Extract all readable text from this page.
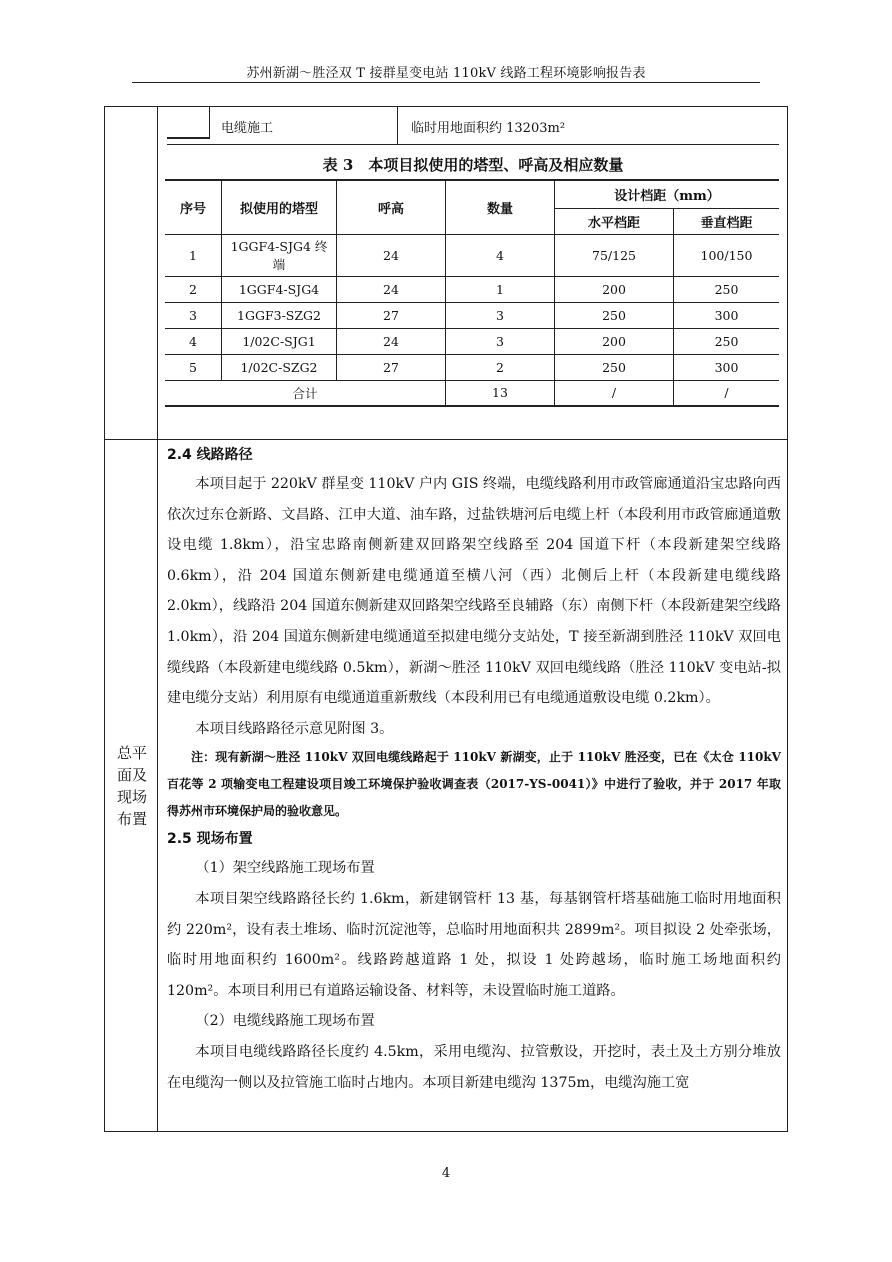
苏州新湖～胜泾双 T 接群星变电站 110kV 线路工程环境影响报告表
总平
面及
现场
布置
电缆施工	临时用地面积约 13203m²
表 3　本项目拟使用的塔型、呼高及相应数量
序号	拟使用的塔型	呼高	数量	设计档距（mm）	
				水平档距	垂直档距
1	1GGF4-SJG4 终端	24	4	75/125	100/150
2	1GGF4-SJG4	24	1	200	250
3	1GGF3-SZG2	27	3	250	300
4	1/02C-SJG1	24	3	200	250
5	1/02C-SZG2	27	2	250	300
合计			13	/	/

2.4 线路路径

本项目起于 220kV 群星变 110kV 户内 GIS 终端，电缆线路利用市政管廊通道沿宝忠路向西依次过东仓新路、文昌路、江申大道、油车路，过盐铁塘河后电缆上杆（本段利用市政管廊通道敷设电缆 1.8km），沿宝忠路南侧新建双回路架空线路至 204 国道下杆（本段新建架空线路 0.6km），沿 204 国道东侧新建电缆通道至横八河（西）北侧后上杆（本段新建电缆线路 2.0km），线路沿 204 国道东侧新建双回路架空线路至良辅路（东）南侧下杆（本段新建架空线路 1.0km），沿 204 国道东侧新建电缆通道至拟建电缆分支站处，T 接至新湖到胜泾 110kV 双回电缆线路（本段新建电缆线路 0.5km），新湖～胜泾 110kV 双回电缆线路（胜泾 110kV 变电站-拟建电缆分支站）利用原有电缆通道重新敷线（本段利用已有电缆通道敷设电缆 0.2km）。

本项目线路路径示意见附图 3。

注：现有新湖～胜泾 110kV 双回电缆线路起于 110kV 新湖变，止于 110kV 胜泾变，已在《太仓 110kV 百花等 2 项输变电工程建设项目竣工环境保护验收调查表（2017-YS-0041）》中进行了验收，并于 2017 年取得苏州市环境保护局的验收意见。

2.5 现场布置

（1）架空线路施工现场布置

本项目架空线路路径长约 1.6km，新建钢管杆 13 基，每基钢管杆塔基础施工临时用地面积约 220m²，设有表土堆场、临时沉淀池等，总临时用地面积共 2899m²。项目拟设 2 处牵张场，临时用地面积约 1600m²。线路跨越道路 1 处，拟设 1 处跨越场，临时施工场地面积约 120m²。本项目利用已有道路运输设备、材料等，未设置临时施工道路。

（2）电缆线路施工现场布置

本项目电缆线路路径长度约 4.5km，采用电缆沟、拉管敷设，开挖时，表土及土方别分堆放在电缆沟一侧以及拉管施工临时占地内。本项目新建电缆沟 1375m，电缆沟施工宽

4
